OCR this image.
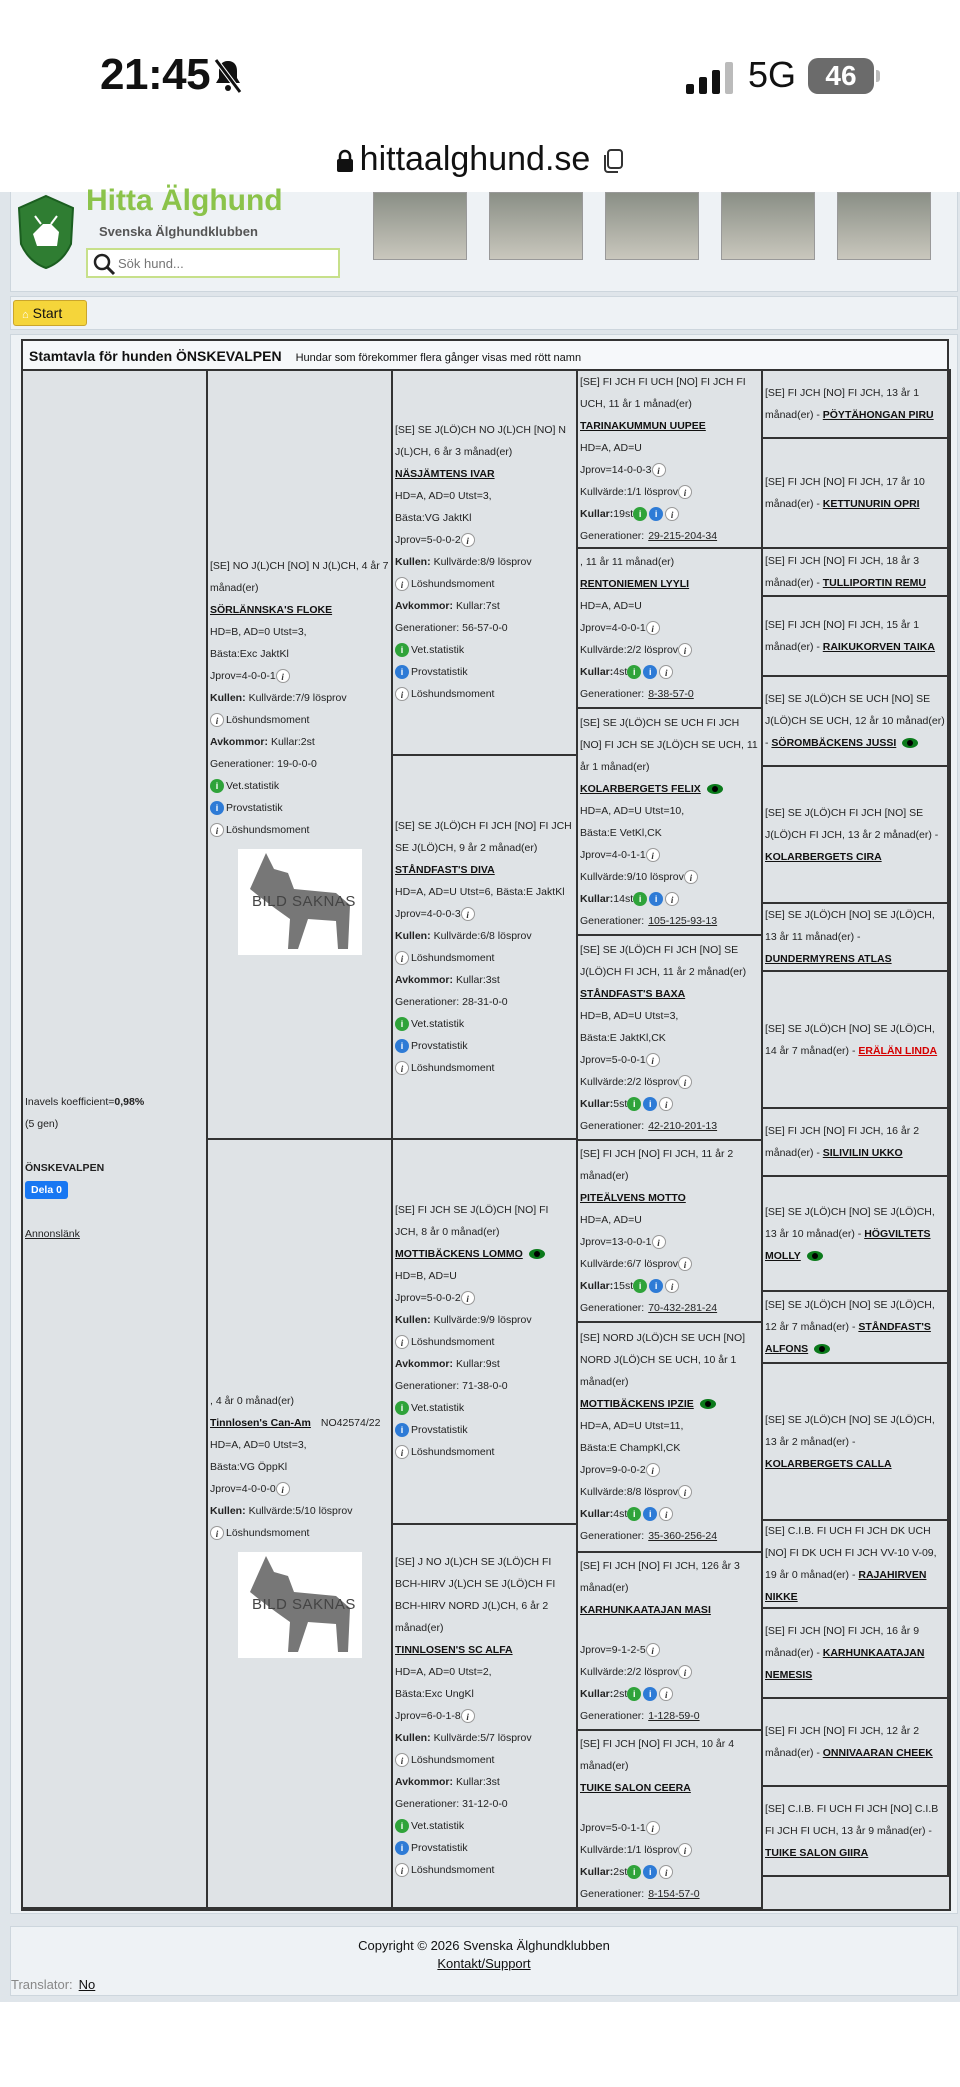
21:45	5G	46
hittaalghund.se
Hitta Älghund
Svenska Älghundklubben
Sök hund...
⌂ Start
Stamtavla för hunden ÖNSKEVALPEN Hundar som förekommer flera gånger visas med rött namn
Inavels koefficient=0,98%
(5 gen)
ÖNSKEVALPEN
Dela 0
Annonslänk
[SE] NO J(L)CH [NO] N J(L)CH, 4 år 7 månad(er)
SÖRLÄNNSKA'S FLOKE
HD=B, AD=0 Utst=3,
Bästa:Exc JaktKl
Jprov=4-0-0-1 i
Kullen: Kullvärde:7/9 lösprov
i Löshundsmoment
Avkommor: Kullar:2st
Generationer: 19-0-0-0
i Vet.statistik
i Provstatistik
i Löshundsmoment
BILD SAKNAS
, 4 år 0 månad(er)
Tinnlosen's Can-Am NO42574/22
HD=A, AD=0 Utst=3,
Bästa:VG ÖppKl
Jprov=4-0-0-0 i
Kullen: Kullvärde:5/10 lösprov
i Löshundsmoment
BILD SAKNAS
[SE] SE J(LÖ)CH NO J(L)CH [NO] N J(L)CH, 6 år 3 månad(er)
NÄSJÄMTENS IVAR
HD=A, AD=0 Utst=3,
Bästa:VG JaktKl
Jprov=5-0-0-2 i
Kullen: Kullvärde:8/9 lösprov
i Löshundsmoment
Avkommor: Kullar:7st
Generationer: 56-57-0-0
i Vet.statistik
i Provstatistik
i Löshundsmoment
[SE] SE J(LÖ)CH FI JCH [NO] FI JCH SE J(LÖ)CH, 9 år 2 månad(er)
STÅNDFAST'S DIVA
HD=A, AD=U Utst=6, Bästa:E JaktKl
Jprov=4-0-0-3 i
Kullen: Kullvärde:6/8 lösprov
i Löshundsmoment
Avkommor: Kullar:3st
Generationer: 28-31-0-0
i Vet.statistik
i Provstatistik
i Löshundsmoment
[SE] FI JCH SE J(LÖ)CH [NO] FI JCH, 8 år 0 månad(er)
MOTTIBÄCKENS LOMMO
HD=B, AD=U
Jprov=5-0-0-2 i
Kullen: Kullvärde:9/9 lösprov
i Löshundsmoment
Avkommor: Kullar:9st
Generationer: 71-38-0-0
i Vet.statistik
i Provstatistik
i Löshundsmoment
[SE] J NO J(L)CH SE J(LÖ)CH FI BCH-HIRV J(L)CH SE J(LÖ)CH FI BCH-HIRV NORD J(L)CH, 6 år 2 månad(er)
TINNLOSEN'S SC ALFA
HD=A, AD=0 Utst=2,
Bästa:Exc UngKl
Jprov=6-0-1-8 i
Kullen: Kullvärde:5/7 lösprov
i Löshundsmoment
Avkommor: Kullar:3st
Generationer: 31-12-0-0
i Vet.statistik
i Provstatistik
i Löshundsmoment
[SE] FI JCH FI UCH [NO] FI JCH FI UCH, 11 år 1 månad(er)
TARINAKUMMUN UUPEE
HD=A, AD=U
Jprov=14-0-0-3 i
Kullvärde:1/1 lösprov i
Kullar:19st i i i
Generationer: 29-215-204-34
, 11 år 11 månad(er)
RENTONIEMEN LYYLI
HD=A, AD=U
Jprov=4-0-0-1 i
Kullvärde:2/2 lösprov i
Kullar:4st i i i
Generationer: 8-38-57-0
[SE] SE J(LÖ)CH SE UCH FI JCH [NO] FI JCH SE J(LÖ)CH SE UCH, 11 år 1 månad(er)
KOLARBERGETS FELIX
HD=A, AD=U Utst=10,
Bästa:E VetKl,CK
Jprov=4-0-1-1 i
Kullvärde:9/10 lösprov i
Kullar:14st i i i
Generationer: 105-125-93-13
[SE] SE J(LÖ)CH FI JCH [NO] SE J(LÖ)CH FI JCH, 11 år 2 månad(er)
STÅNDFAST'S BAXA
HD=B, AD=U Utst=3,
Bästa:E JaktKl,CK
Jprov=5-0-0-1 i
Kullvärde:2/2 lösprov i
Kullar:5st i i i
Generationer: 42-210-201-13
[SE] FI JCH [NO] FI JCH, 11 år 2 månad(er)
PITEÄLVENS MOTTO
HD=A, AD=U
Jprov=13-0-0-1 i
Kullvärde:6/7 lösprov i
Kullar:15st i i i
Generationer: 70-432-281-24
[SE] NORD J(LÖ)CH SE UCH [NO] NORD J(LÖ)CH SE UCH, 10 år 1 månad(er)
MOTTIBÄCKENS IPZIE
HD=A, AD=U Utst=11,
Bästa:E ChampKl,CK
Jprov=9-0-0-2 i
Kullvärde:8/8 lösprov i
Kullar:4st i i i
Generationer: 35-360-256-24
[SE] FI JCH [NO] FI JCH, 126 år 3 månad(er)
KARHUNKAATAJAN MASI
Jprov=9-1-2-5 i
Kullvärde:2/2 lösprov i
Kullar:2st i i i
Generationer: 1-128-59-0
[SE] FI JCH [NO] FI JCH, 10 år 4 månad(er)
TUIKE SALON CEERA
Jprov=5-0-1-1 i
Kullvärde:1/1 lösprov i
Kullar:2st i i i
Generationer: 8-154-57-0
[SE] FI JCH [NO] FI JCH, 13 år 1 månad(er) - PÖYTÄHONGAN PIRU
[SE] FI JCH [NO] FI JCH, 17 år 10 månad(er) - KETTUNURIN OPRI
[SE] FI JCH [NO] FI JCH, 18 år 3 månad(er) - TULLIPORTIN REMU
[SE] FI JCH [NO] FI JCH, 15 år 1 månad(er) - RAIKUKORVEN TAIKA
[SE] SE J(LÖ)CH SE UCH [NO] SE J(LÖ)CH SE UCH, 12 år 10 månad(er) - SÖROMBÄCKENS JUSSI
[SE] SE J(LÖ)CH FI JCH [NO] SE J(LÖ)CH FI JCH, 13 år 2 månad(er) - KOLARBERGETS CIRA
[SE] SE J(LÖ)CH [NO] SE J(LÖ)CH, 13 år 11 månad(er) - DUNDERMYRENS ATLAS
[SE] SE J(LÖ)CH [NO] SE J(LÖ)CH, 14 år 7 månad(er) - ERÄLÄN LINDA
[SE] FI JCH [NO] FI JCH, 16 år 2 månad(er) - SILIVILIN UKKO
[SE] SE J(LÖ)CH [NO] SE J(LÖ)CH, 13 år 10 månad(er) - HÖGVILTETS MOLLY
[SE] SE J(LÖ)CH [NO] SE J(LÖ)CH, 12 år 7 månad(er) - STÅNDFAST'S ALFONS
[SE] SE J(LÖ)CH [NO] SE J(LÖ)CH, 13 år 2 månad(er) - KOLARBERGETS CALLA
[SE] C.I.B. FI UCH FI JCH DK UCH [NO] FI DK UCH FI JCH VV-10 V-09, 19 år 0 månad(er) - RAJAHIRVEN NIKKE
[SE] FI JCH [NO] FI JCH, 16 år 9 månad(er) - KARHUNKAATAJAN NEMESIS
[SE] FI JCH [NO] FI JCH, 12 år 2 månad(er) - ONNIVAARAN CHEEK
[SE] C.I.B. FI UCH FI JCH [NO] C.I.B FI JCH FI UCH, 13 år 9 månad(er) - TUIKE SALON GIIRA
Copyright © 2026 Svenska Älghundklubben
Kontakt/Support
Translator: No
